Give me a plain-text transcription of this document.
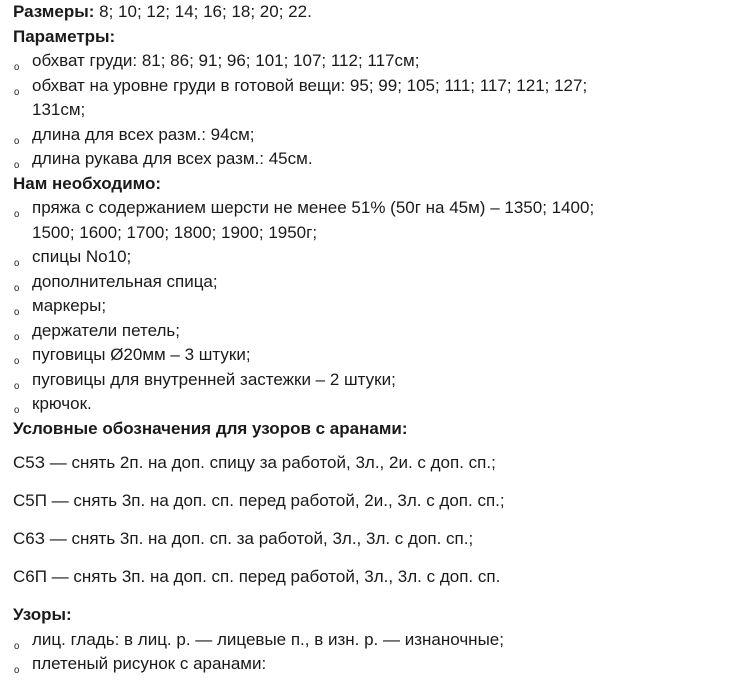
Размеры: 8; 10; 12; 14; 16; 18; 20; 22.
Параметры:
ₒ обхват груди: 81; 86; 91; 96; 101; 107; 112; 117см;
ₒ обхват на уровне груди в готовой вещи: 95; 99; 105; 111; 117; 121; 127;
131см;
ₒ длина для всех разм.: 94см;
ₒ длина рукава для всех разм.: 45см.
Нам необходимо:
ₒ пряжа с содержанием шерсти не менее 51% (50г на 45м) – 1350; 1400;
1500; 1600; 1700; 1800; 1900; 1950г;
ₒ спицы No10;
ₒ дополнительная спица;
ₒ маркеры;
ₒ держатели петель;
ₒ пуговицы Ø20мм – 3 штуки;
ₒ пуговицы для внутренней застежки – 2 штуки;
ₒ крючок.
Условные обозначения для узоров с аранами:
С5З — снять 2п. на доп. спицу за работой, 3л., 2и. с доп. сп.;
С5П — снять 3п. на доп. сп. перед работой, 2и., 3л. с доп. сп.;
С6З — снять 3п. на доп. сп. за работой, 3л., 3л. с доп. сп.;
С6П — снять 3п. на доп. сп. перед работой, 3л., 3л. с доп. сп.
Узоры:
ₒ лиц. гладь: в лиц. р. — лицевые п., в изн. р. — изнаночные;
ₒ плетеный рисунок с аранами:
